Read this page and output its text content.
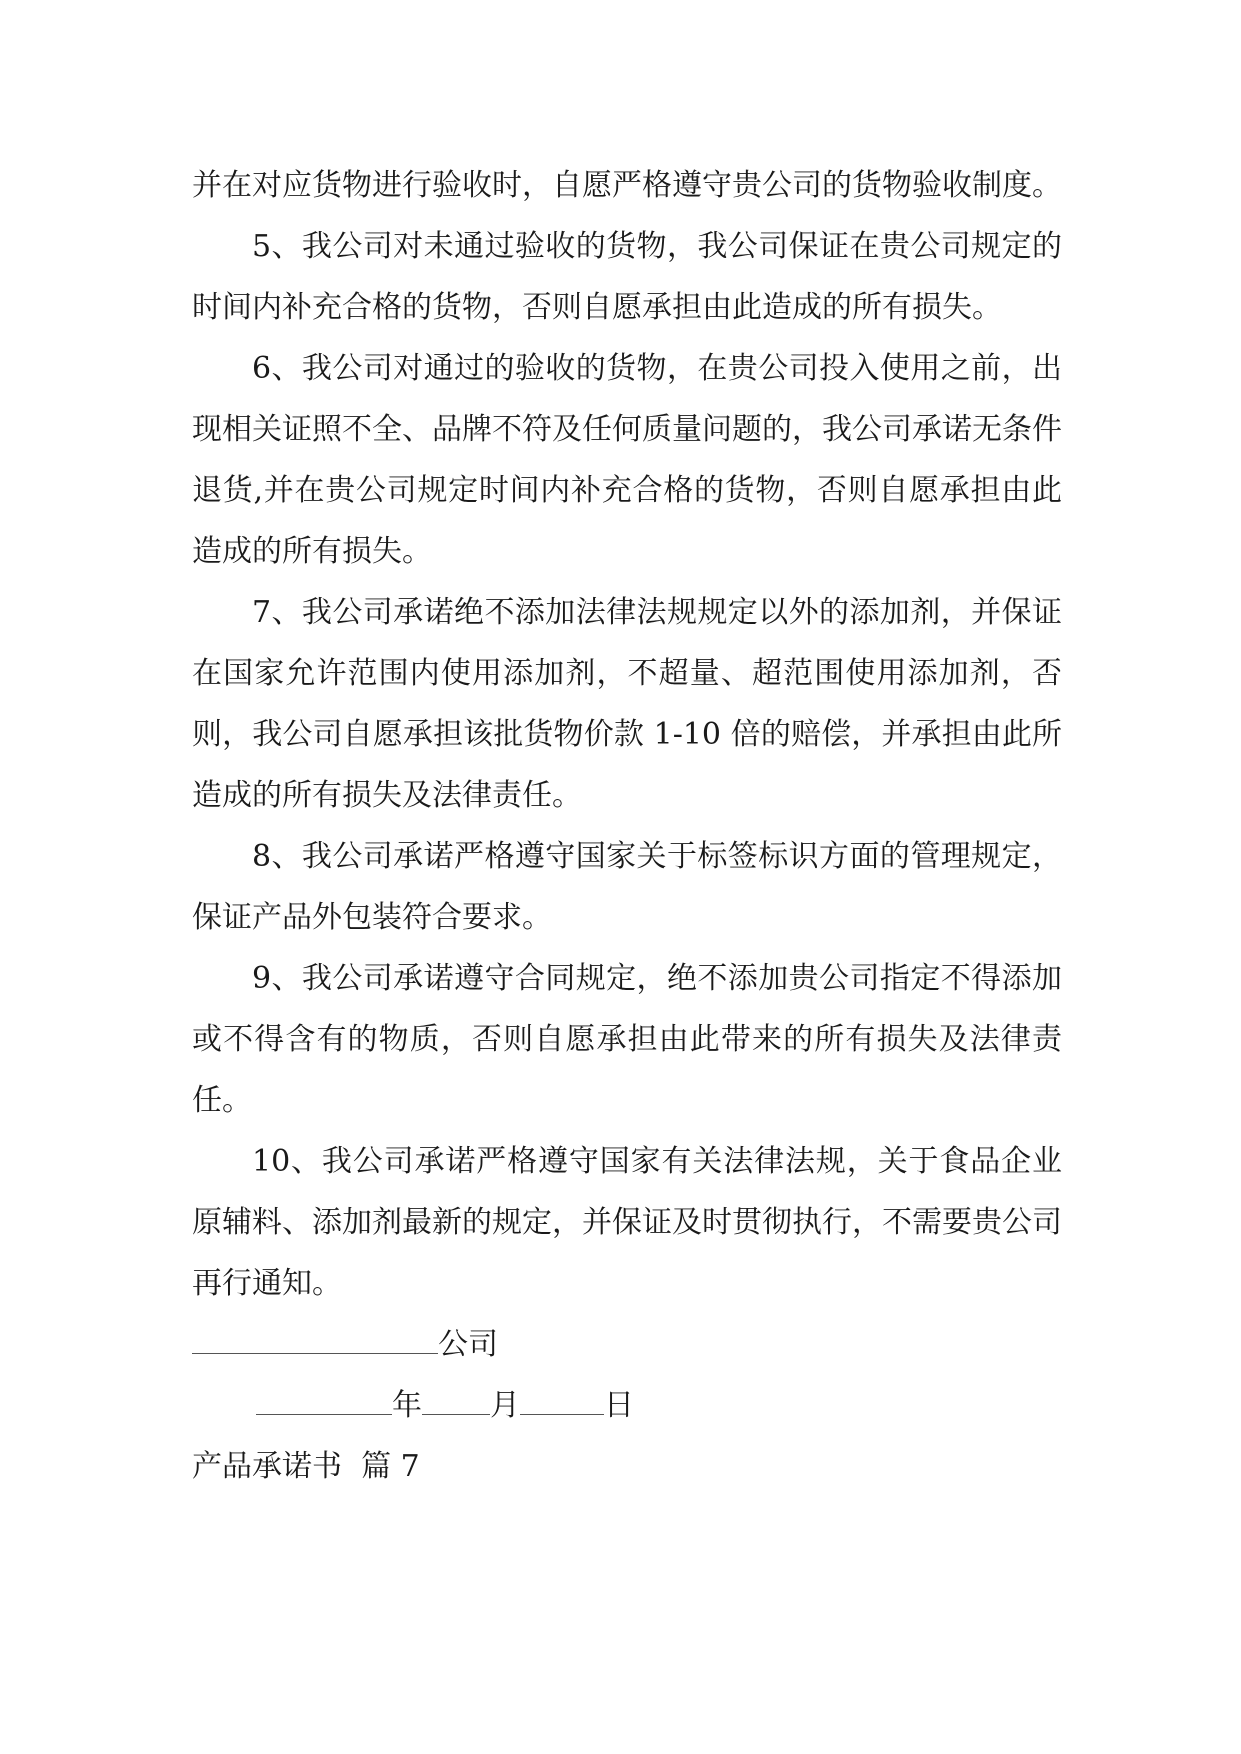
并在对应货物进行验收时，自愿严格遵守贵公司的货物验收制度。

5、我公司对未通过验收的货物，我公司保证在贵公司规定的时间内补充合格的货物，否则自愿承担由此造成的所有损失。

6、我公司对通过的验收的货物，在贵公司投入使用之前，出现相关证照不全、品牌不符及任何质量问题的，我公司承诺无条件退货,并在贵公司规定时间内补充合格的货物，否则自愿承担由此造成的所有损失。

7、我公司承诺绝不添加法律法规规定以外的添加剂，并保证在国家允许范围内使用添加剂，不超量、超范围使用添加剂，否则，我公司自愿承担该批货物价款 1-10 倍的赔偿，并承担由此所造成的所有损失及法律责任。

8、我公司承诺严格遵守国家关于标签标识方面的管理规定，保证产品外包装符合要求。

9、我公司承诺遵守合同规定，绝不添加贵公司指定不得添加或不得含有的物质，否则自愿承担由此带来的所有损失及法律责任。

10、我公司承诺严格遵守国家有关法律法规，关于食品企业原辅料、添加剂最新的规定，并保证及时贯彻执行，不需要贵公司再行通知。

公司

年 月	日

产品承诺书  篇 7
